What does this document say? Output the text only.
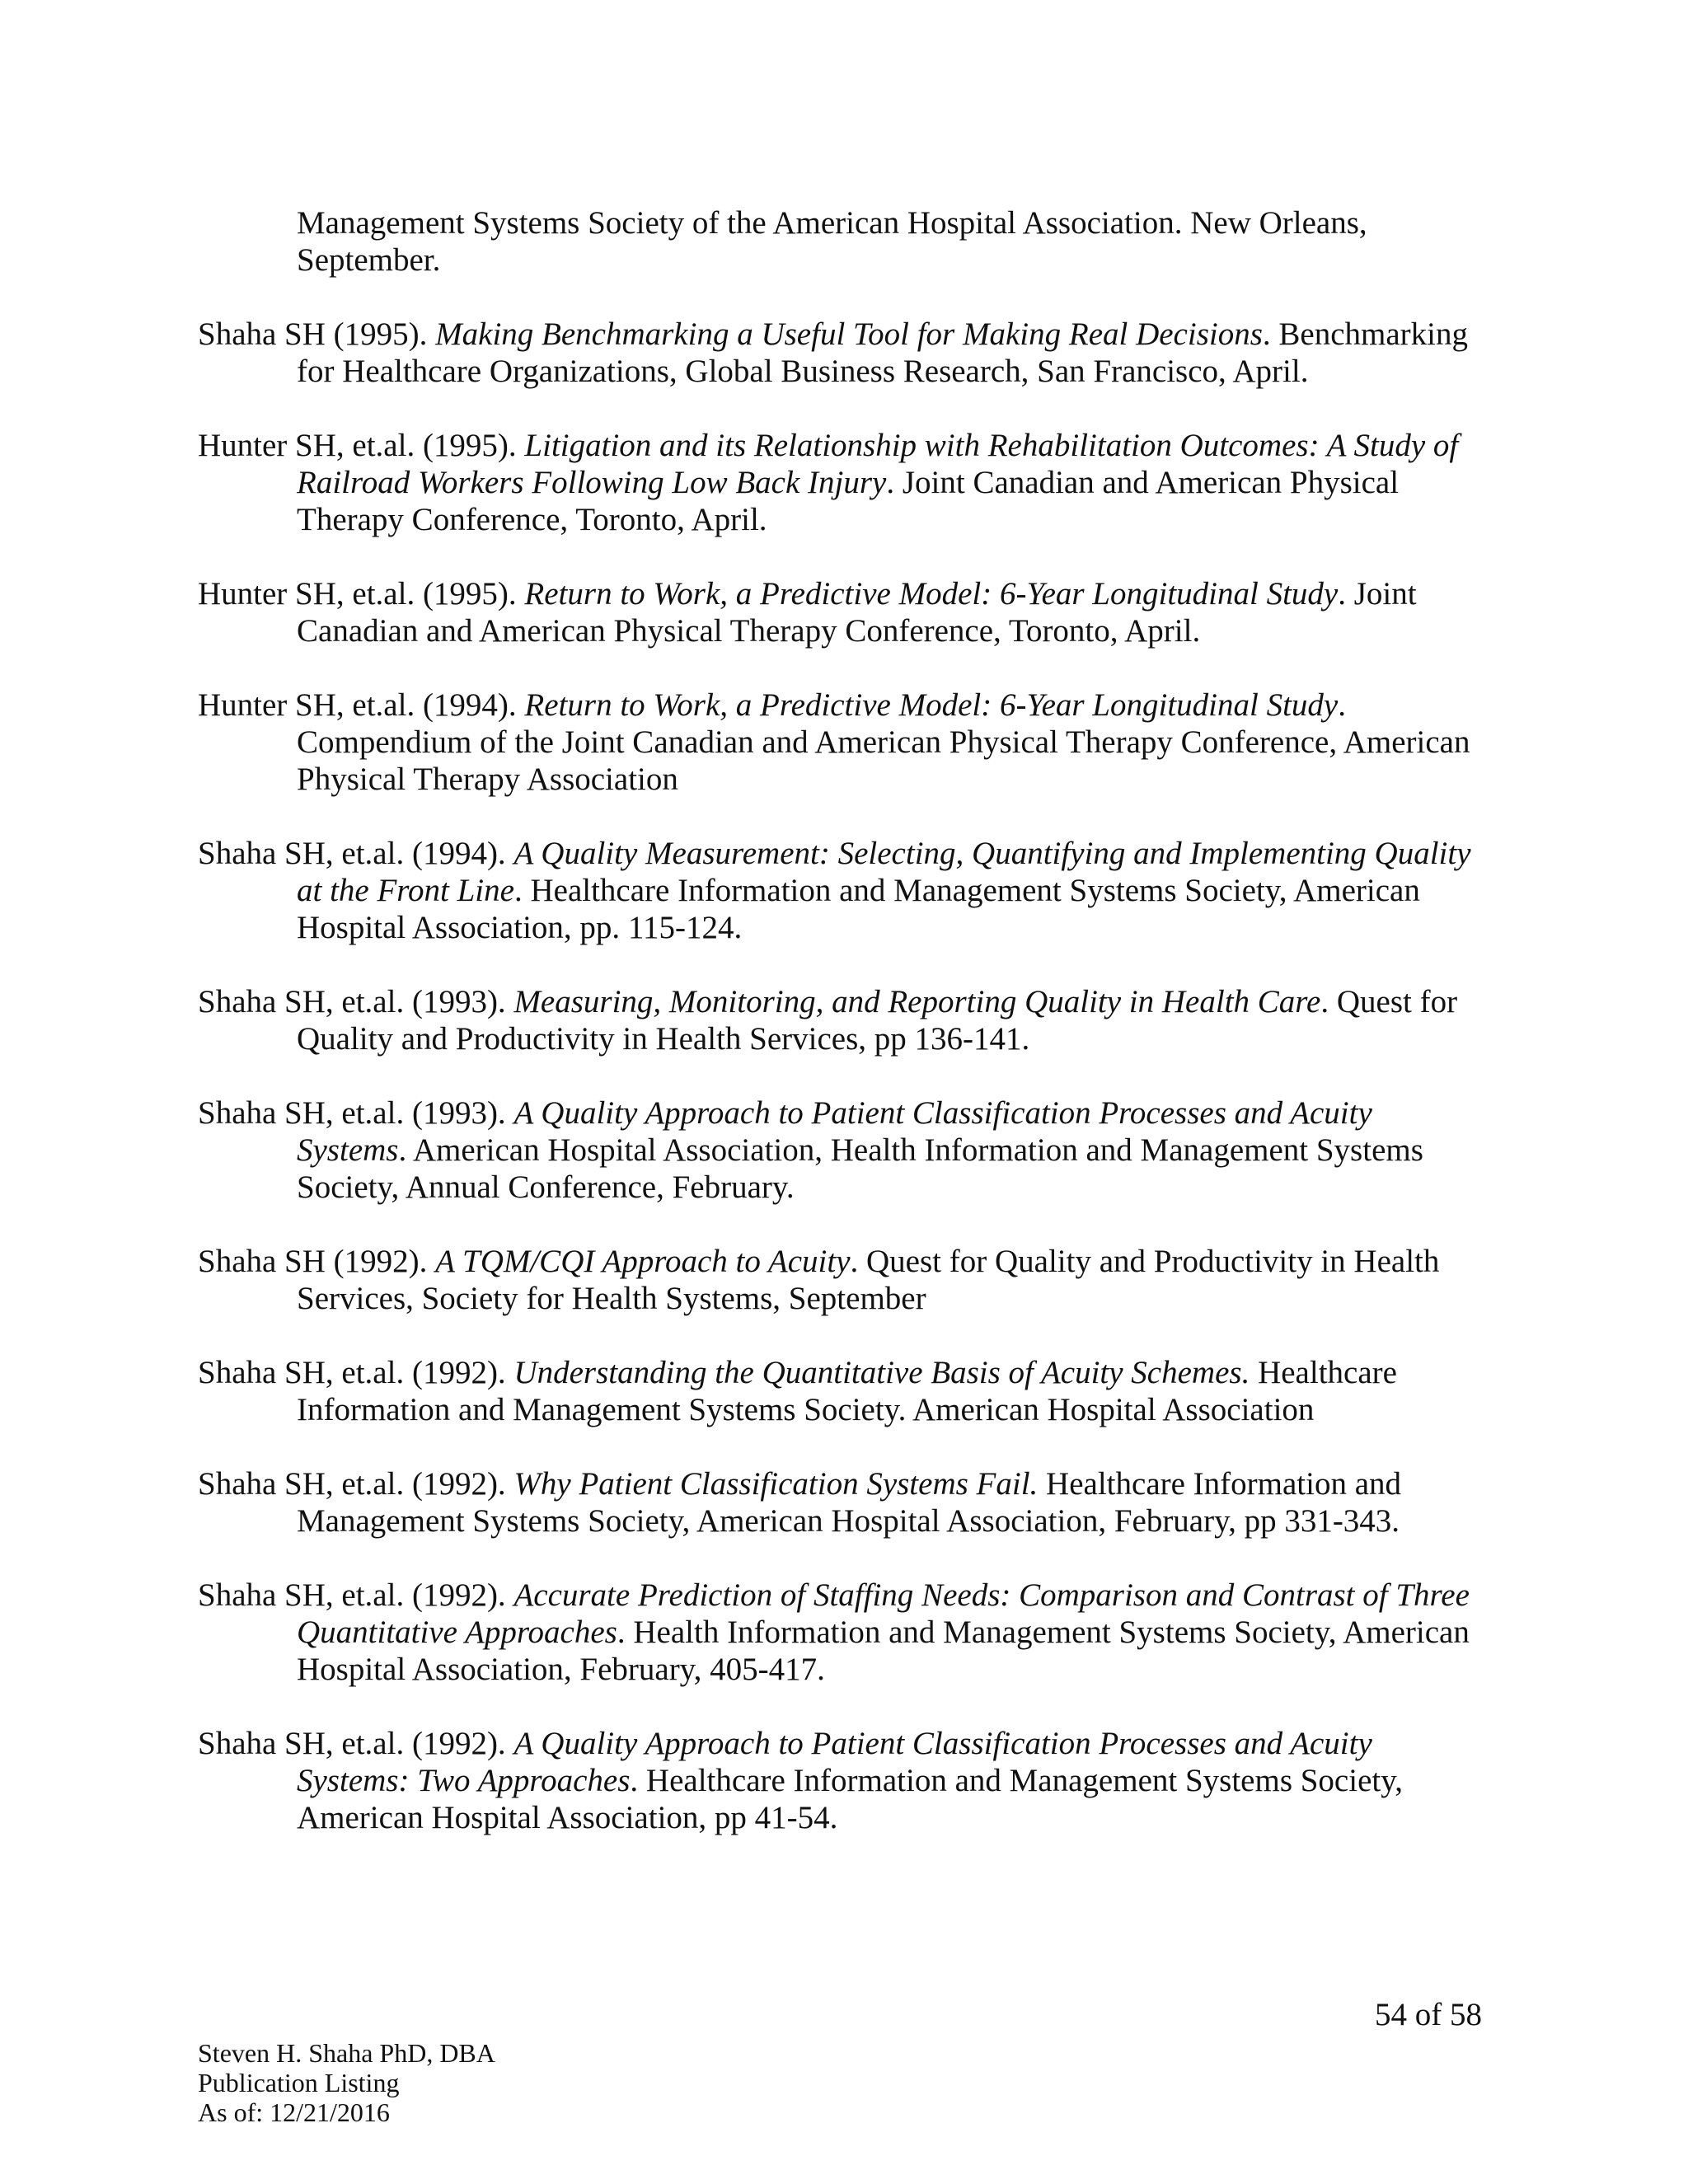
Management Systems Society of the American Hospital Association. New Orleans, September.

Shaha SH (1995). Making Benchmarking a Useful Tool for Making Real Decisions. Benchmarking for Healthcare Organizations, Global Business Research, San Francisco, April.

Hunter SH, et.al. (1995). Litigation and its Relationship with Rehabilitation Outcomes: A Study of Railroad Workers Following Low Back Injury. Joint Canadian and American Physical Therapy Conference, Toronto, April.

Hunter SH, et.al. (1995). Return to Work, a Predictive Model: 6-Year Longitudinal Study. Joint Canadian and American Physical Therapy Conference, Toronto, April.

Hunter SH, et.al. (1994). Return to Work, a Predictive Model: 6-Year Longitudinal Study. Compendium of the Joint Canadian and American Physical Therapy Conference, American Physical Therapy Association

Shaha SH, et.al. (1994). A Quality Measurement: Selecting, Quantifying and Implementing Quality at the Front Line. Healthcare Information and Management Systems Society, American Hospital Association, pp. 115-124.

Shaha SH, et.al. (1993). Measuring, Monitoring, and Reporting Quality in Health Care. Quest for Quality and Productivity in Health Services, pp 136-141.

Shaha SH, et.al. (1993). A Quality Approach to Patient Classification Processes and Acuity Systems. American Hospital Association, Health Information and Management Systems Society, Annual Conference, February.

Shaha SH (1992). A TQM/CQI Approach to Acuity. Quest for Quality and Productivity in Health Services, Society for Health Systems, September

Shaha SH, et.al. (1992). Understanding the Quantitative Basis of Acuity Schemes. Healthcare Information and Management Systems Society. American Hospital Association

Shaha SH, et.al. (1992). Why Patient Classification Systems Fail. Healthcare Information and Management Systems Society, American Hospital Association, February, pp 331-343.

Shaha SH, et.al. (1992). Accurate Prediction of Staffing Needs: Comparison and Contrast of Three Quantitative Approaches. Health Information and Management Systems Society, American Hospital Association, February, 405-417.

Shaha SH, et.al. (1992). A Quality Approach to Patient Classification Processes and Acuity Systems: Two Approaches. Healthcare Information and Management Systems Society, American Hospital Association, pp 41-54.

54 of 58
Steven H. Shaha PhD, DBA
Publication Listing
As of: 12/21/2016
